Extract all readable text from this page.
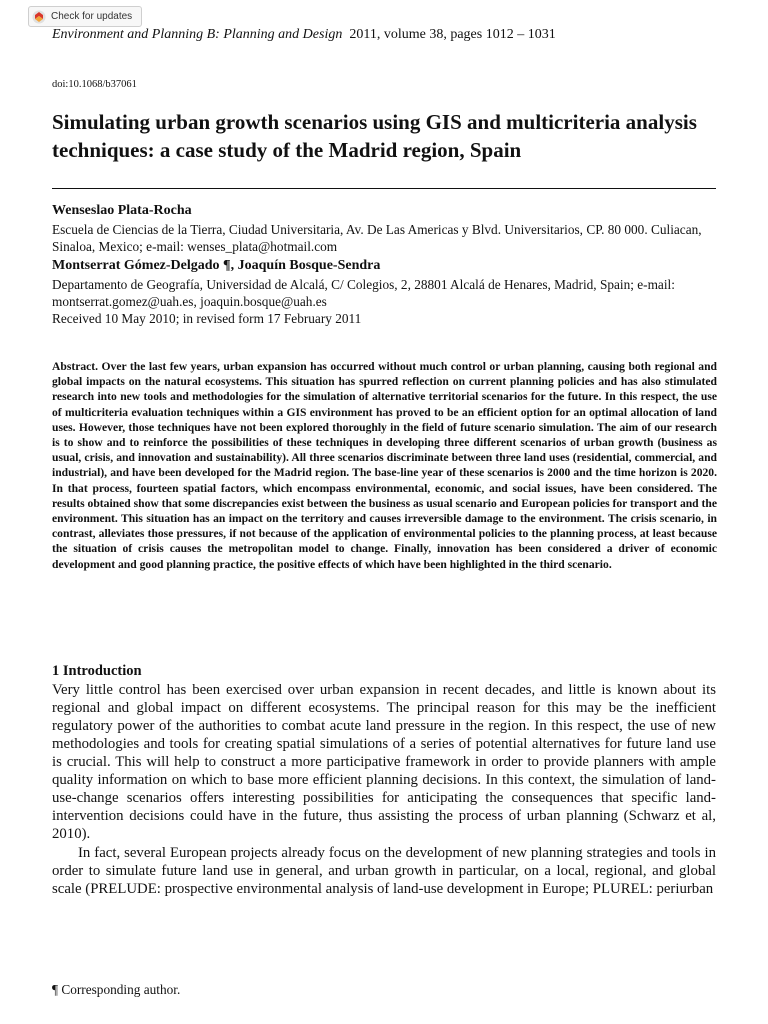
Check for updates
Environment and Planning B: Planning and Design 2011, volume 38, pages 1012 – 1031
doi:10.1068/b37061
Simulating urban growth scenarios using GIS and multicriteria analysis techniques: a case study of the Madrid region, Spain
Wenseslao Plata-Rocha
Escuela de Ciencias de la Tierra, Ciudad Universitaria, Av. De Las Americas y Blvd. Universitarios, CP. 80 000. Culiacan, Sinaloa, Mexico; e-mail: wenses_plata@hotmail.com
Montserrat Gómez-Delgado ¶, Joaquín Bosque-Sendra
Departamento de Geografía, Universidad de Alcalá, C/ Colegios, 2, 28801 Alcalá de Henares, Madrid, Spain; e-mail: montserrat.gomez@uah.es, joaquin.bosque@uah.es
Received 10 May 2010; in revised form 17 February 2011

Abstract. Over the last few years, urban expansion has occurred without much control or urban planning, causing both regional and global impacts on the natural ecosystems. This situation has spurred reflection on current planning policies and has also stimulated research into new tools and methodologies for the simulation of alternative territorial scenarios for the future. In this respect, the use of multicriteria evaluation techniques within a GIS environment has proved to be an efficient option for an optimal allocation of land uses. However, those techniques have not been explored thoroughly in the field of future scenario simulation. The aim of our research is to show and to reinforce the possibilities of these techniques in developing three different scenarios of urban growth (business as usual, crisis, and innovation and sustainability). All three scenarios discriminate between three land uses (residential, commercial, and industrial), and have been developed for the Madrid region. The base-line year of these scenarios is 2000 and the time horizon is 2020. In that process, fourteen spatial factors, which encompass environmental, economic, and social issues, have been considered. The results obtained show that some discrepancies exist between the business as usual scenario and European policies for transport and the environment. This situation has an impact on the territory and causes irreversible damage to the environment. The crisis scenario, in contrast, alleviates those pressures, if not because of the application of environmental policies to the planning process, at least because the situation of crisis causes the metropolitan model to change. Finally, innovation has been considered a driver of economic development and good planning practice, the positive effects of which have been highlighted in the third scenario.

1 Introduction

Very little control has been exercised over urban expansion in recent decades, and little is known about its regional and global impact on different ecosystems. The principal reason for this may be the inefficient regulatory power of the authorities to combat acute land pressure in the region. In this respect, the use of new methodologies and tools for creating spatial simulations of a series of potential alternatives for future land use is crucial. This will help to construct a more participative framework in order to provide planners with ample quality information on which to base more efficient planning decisions. In this context, the simulation of land-use-change scenarios offers interesting possibilities for anticipating the consequences that specific land-intervention decisions could have in the future, thus assisting the process of urban planning (Schwarz et al, 2010).

In fact, several European projects already focus on the development of new planning strategies and tools in order to simulate future land use in general, and urban growth in particular, on a local, regional, and global scale (PRELUDE: prospective environmental analysis of land-use development in Europe; PLUREL: periurban

¶ Corresponding author.
